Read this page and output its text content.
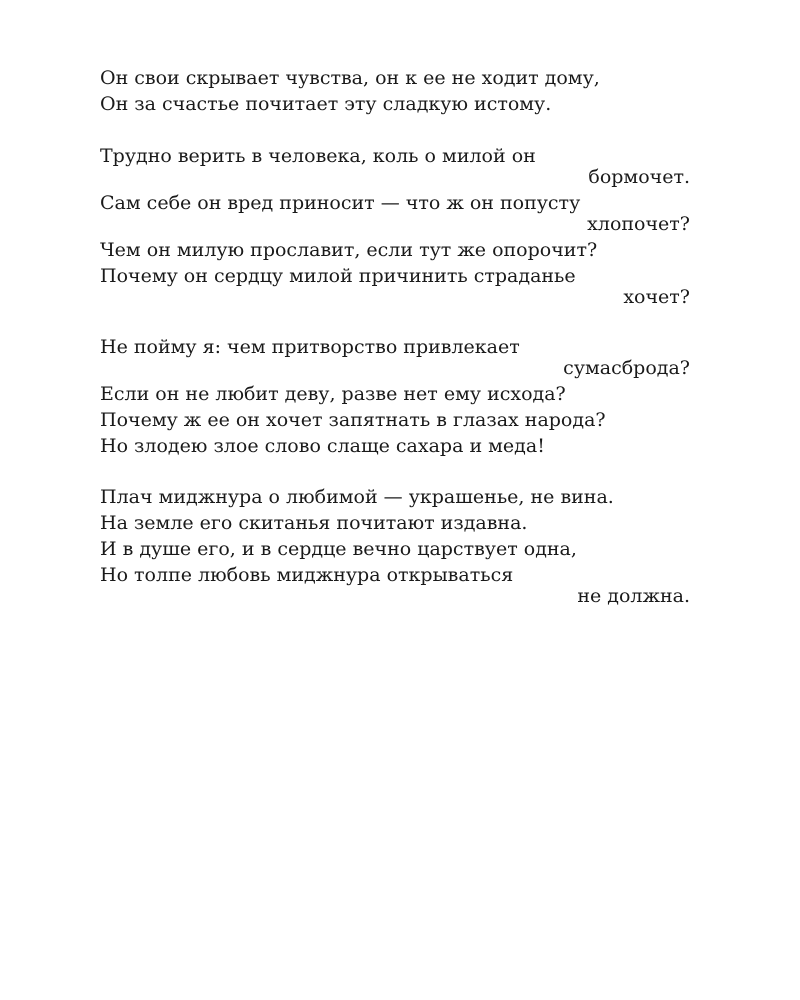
Он свои скрывает чувства, он к ее не ходит дому,
Он за счастье почитает эту сладкую истому.
Трудно верить в человека, коль о милой он
бормочет.
Сам себе он вред приносит — что ж он попусту
хлопочет?
Чем он милую прославит, если тут же опорочит?
Почему он сердцу милой причинить страданье
хочет?
Не пойму я: чем притворство привлекает
сумасброда?
Если он не любит деву, разве нет ему исхода?
Почему ж ее он хочет запятнать в глазах народа?
Но злодею злое слово слаще сахара и меда!
Плач миджнура о любимой — украшенье, не вина.
На земле его скитанья почитают издавна.
И в душе его, и в сердце вечно царствует одна,
Но толпе любовь миджнура открываться
не должна.
